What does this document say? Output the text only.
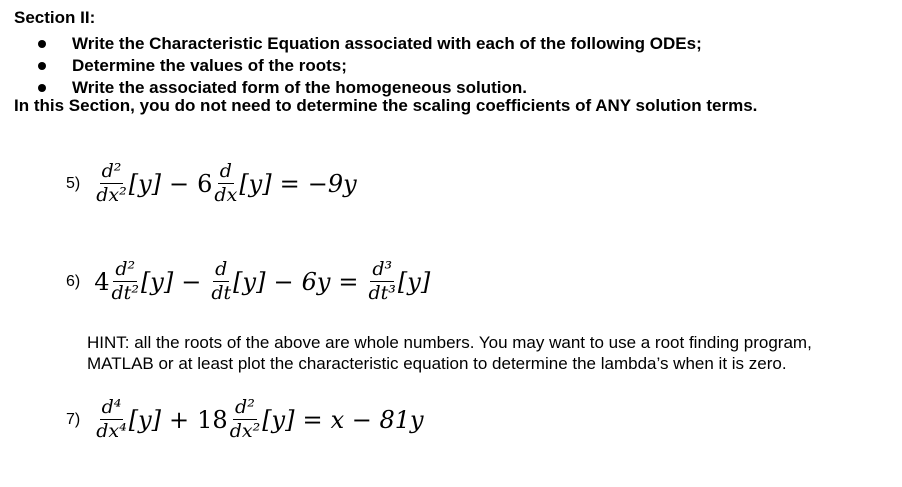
Section II:
Write the Characteristic Equation associated with each of the following ODEs;
Determine the values of the roots;
Write the associated form of the homogeneous solution.
In this Section, you do not need to determine the scaling coefficients of ANY solution terms.
$5) \frac{\text{d²}}{\text{dx²}} [y] - 6 \frac{d}{dx} [y] = -9y$
6) $4 \frac{\text{d²}}{\text{dt²}} [y] - \frac{d}{dt} [y] - 6y = \frac{\text{d³}}{\text{dt³}} [y]$
HINT: all the roots of the above are whole numbers. You may want to use a root finding program,
MATLAB or at least plot the characteristic equation to determine the lambda’s when it is zero.
$7) \frac{\text{d⁴}}{\text{dx⁴}} [y] + 18 \frac{\text{d²}}{\text{dx²}} [y] = x - 81y$
